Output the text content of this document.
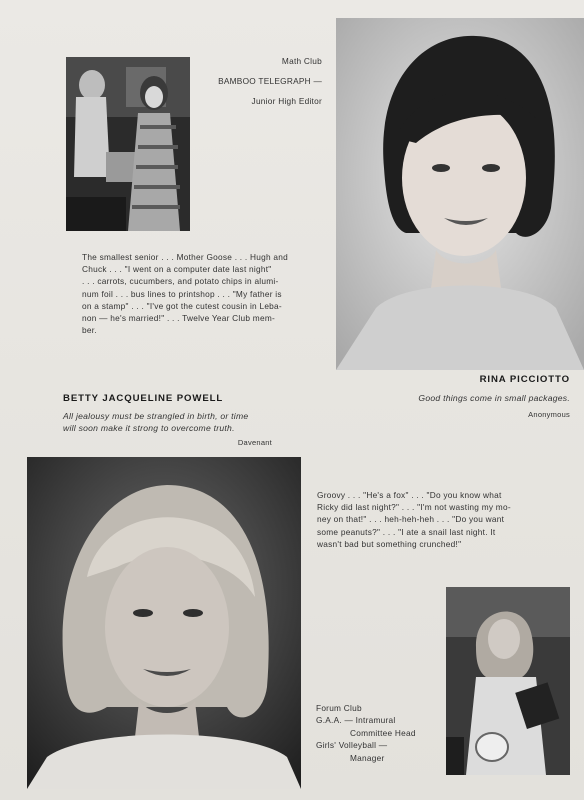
Math Club
BAMBOO TELEGRAPH —
Junior High Editor
The smallest senior . . . Mother Goose . . . Hugh and
Chuck . . . "I went on a computer date last night"
. . . carrots, cucumbers, and potato chips in alumi-
num foil . . . bus lines to printshop . . . "My father is
on a stamp" . . . "I've got the cutest cousin in Leba-
non — he's married!" . . . Twelve Year Club mem-
ber.
RINA PICCIOTTO
Good things come in small packages.
Anonymous
BETTY JACQUELINE POWELL
All jealousy must be strangled in birth, or time
will soon make it strong to overcome truth.
Davenant
Groovy . . . "He's a fox" . . . "Do you know what
Ricky did last night?" . . . "I'm not wasting my mo-
ney on that!" . . . heh-heh-heh . . . "Do you want
some peanuts?" . . . "I ate a snail last night. It
wasn't bad but something crunched!"
Forum Club
G.A.A. — Intramural
Committee Head
Girls' Volleyball —
Manager
